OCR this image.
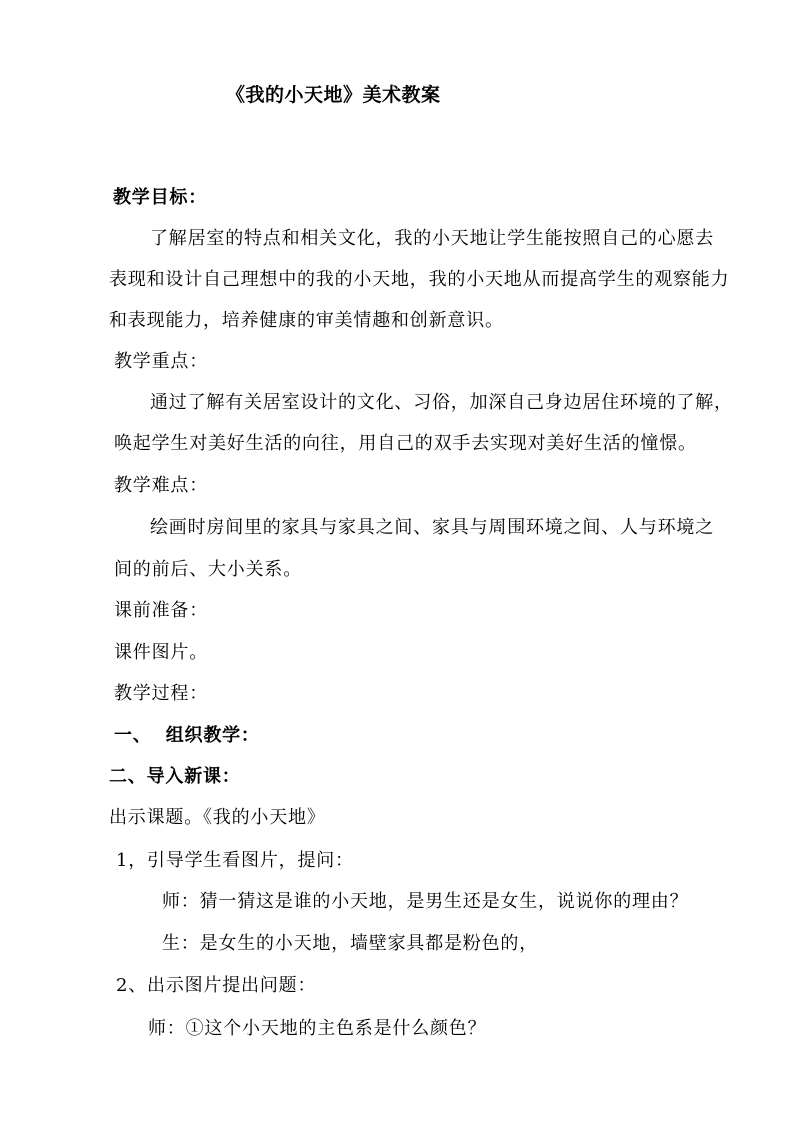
《我的小天地》美术教案
教学目标：
了解居室的特点和相关文化，我的小天地让学生能按照自己的心愿去
表现和设计自己理想中的我的小天地，我的小天地从而提高学生的观察能力
和表现能力，培养健康的审美情趣和创新意识。
教学重点：
通过了解有关居室设计的文化、习俗，加深自己身边居住环境的了解，
唤起学生对美好生活的向往，用自己的双手去实现对美好生活的憧憬。
教学难点：
绘画时房间里的家具与家具之间、家具与周围环境之间、人与环境之
间的前后、大小关系。
课前准备：
课件图片。
教学过程：
一、  组织教学：
二、导入新课：
出示课题。《我的小天地》
1，引导学生看图片，提问：
师：猜一猜这是谁的小天地，是男生还是女生，说说你的理由？
生：是女生的小天地，墙壁家具都是粉色的，
2、出示图片提出问题：
师：①这个小天地的主色系是什么颜色？
